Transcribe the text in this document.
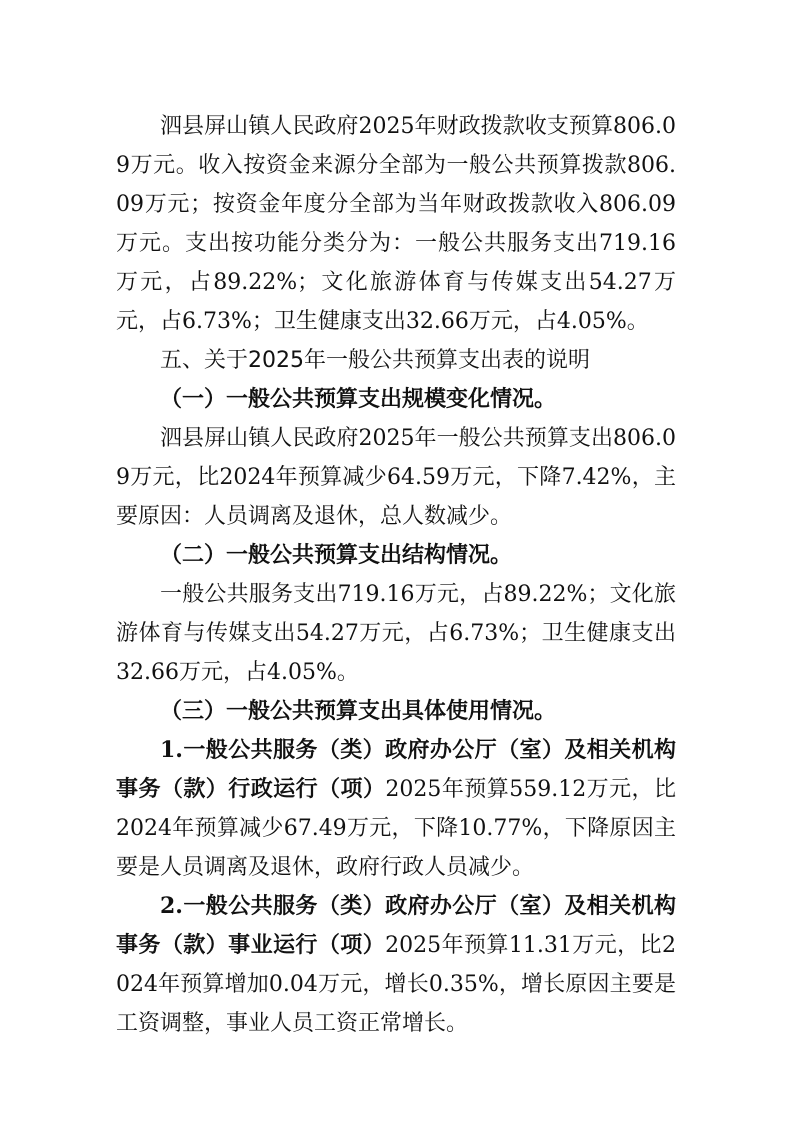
泗县屏山镇人民政府2025年财政拨款收支预算806.09万元。收入按资金来源分全部为一般公共预算拨款806.09万元；按资金年度分全部为当年财政拨款收入806.09万元。支出按功能分类分为：一般公共服务支出719.16万元，占89.22%；文化旅游体育与传媒支出54.27万元，占6.73%；卫生健康支出32.66万元，占4.05%。

五、关于2025年一般公共预算支出表的说明

（一）一般公共预算支出规模变化情况。

泗县屏山镇人民政府2025年一般公共预算支出806.09万元，比2024年预算减少64.59万元，下降7.42%，主要原因：人员调离及退休，总人数减少。

（二）一般公共预算支出结构情况。

一般公共服务支出719.16万元，占89.22%；文化旅游体育与传媒支出54.27万元，占6.73%；卫生健康支出32.66万元，占4.05%。

（三）一般公共预算支出具体使用情况。

1.一般公共服务（类）政府办公厅（室）及相关机构事务（款）行政运行（项）2025年预算559.12万元，比2024年预算减少67.49万元，下降10.77%，下降原因主要是人员调离及退休，政府行政人员减少。

2.一般公共服务（类）政府办公厅（室）及相关机构事务（款）事业运行（项）2025年预算11.31万元，比2024年预算增加0.04万元，增长0.35%，增长原因主要是工资调整，事业人员工资正常增长。
